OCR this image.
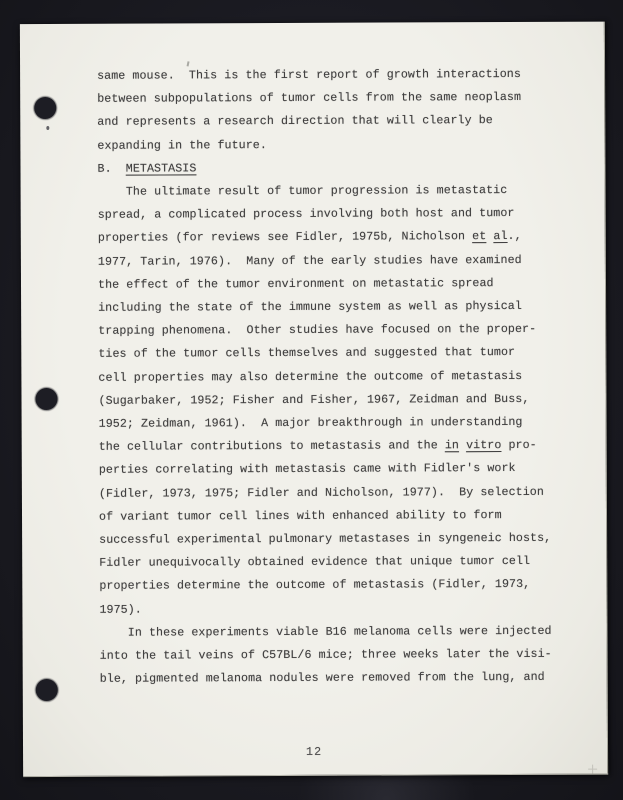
same mouse.  This is the first report of growth interactions
between subpopulations of tumor cells from the same neoplasm
and represents a research direction that will clearly be
expanding in the future.
B.  METASTASIS
The ultimate result of tumor progression is metastatic
spread, a complicated process involving both host and tumor
properties (for reviews see Fidler, 1975b, Nicholson et al.,
1977, Tarin, 1976).  Many of the early studies have examined
the effect of the tumor environment on metastatic spread
including the state of the immune system as well as physical
trapping phenomena.  Other studies have focused on the proper-
ties of the tumor cells themselves and suggested that tumor
cell properties may also determine the outcome of metastasis
(Sugarbaker, 1952; Fisher and Fisher, 1967, Zeidman and Buss,
1952; Zeidman, 1961).  A major breakthrough in understanding
the cellular contributions to metastasis and the in vitro pro-
perties correlating with metastasis came with Fidler's work
(Fidler, 1973, 1975; Fidler and Nicholson, 1977).  By selection
of variant tumor cell lines with enhanced ability to form
successful experimental pulmonary metastases in syngeneic hosts,
Fidler unequivocally obtained evidence that unique tumor cell
properties determine the outcome of metastasis (Fidler, 1973,
1975).
In these experiments viable B16 melanoma cells were injected
into the tail veins of C57BL/6 mice; three weeks later the visi-
ble, pigmented melanoma nodules were removed from the lung, and
12
